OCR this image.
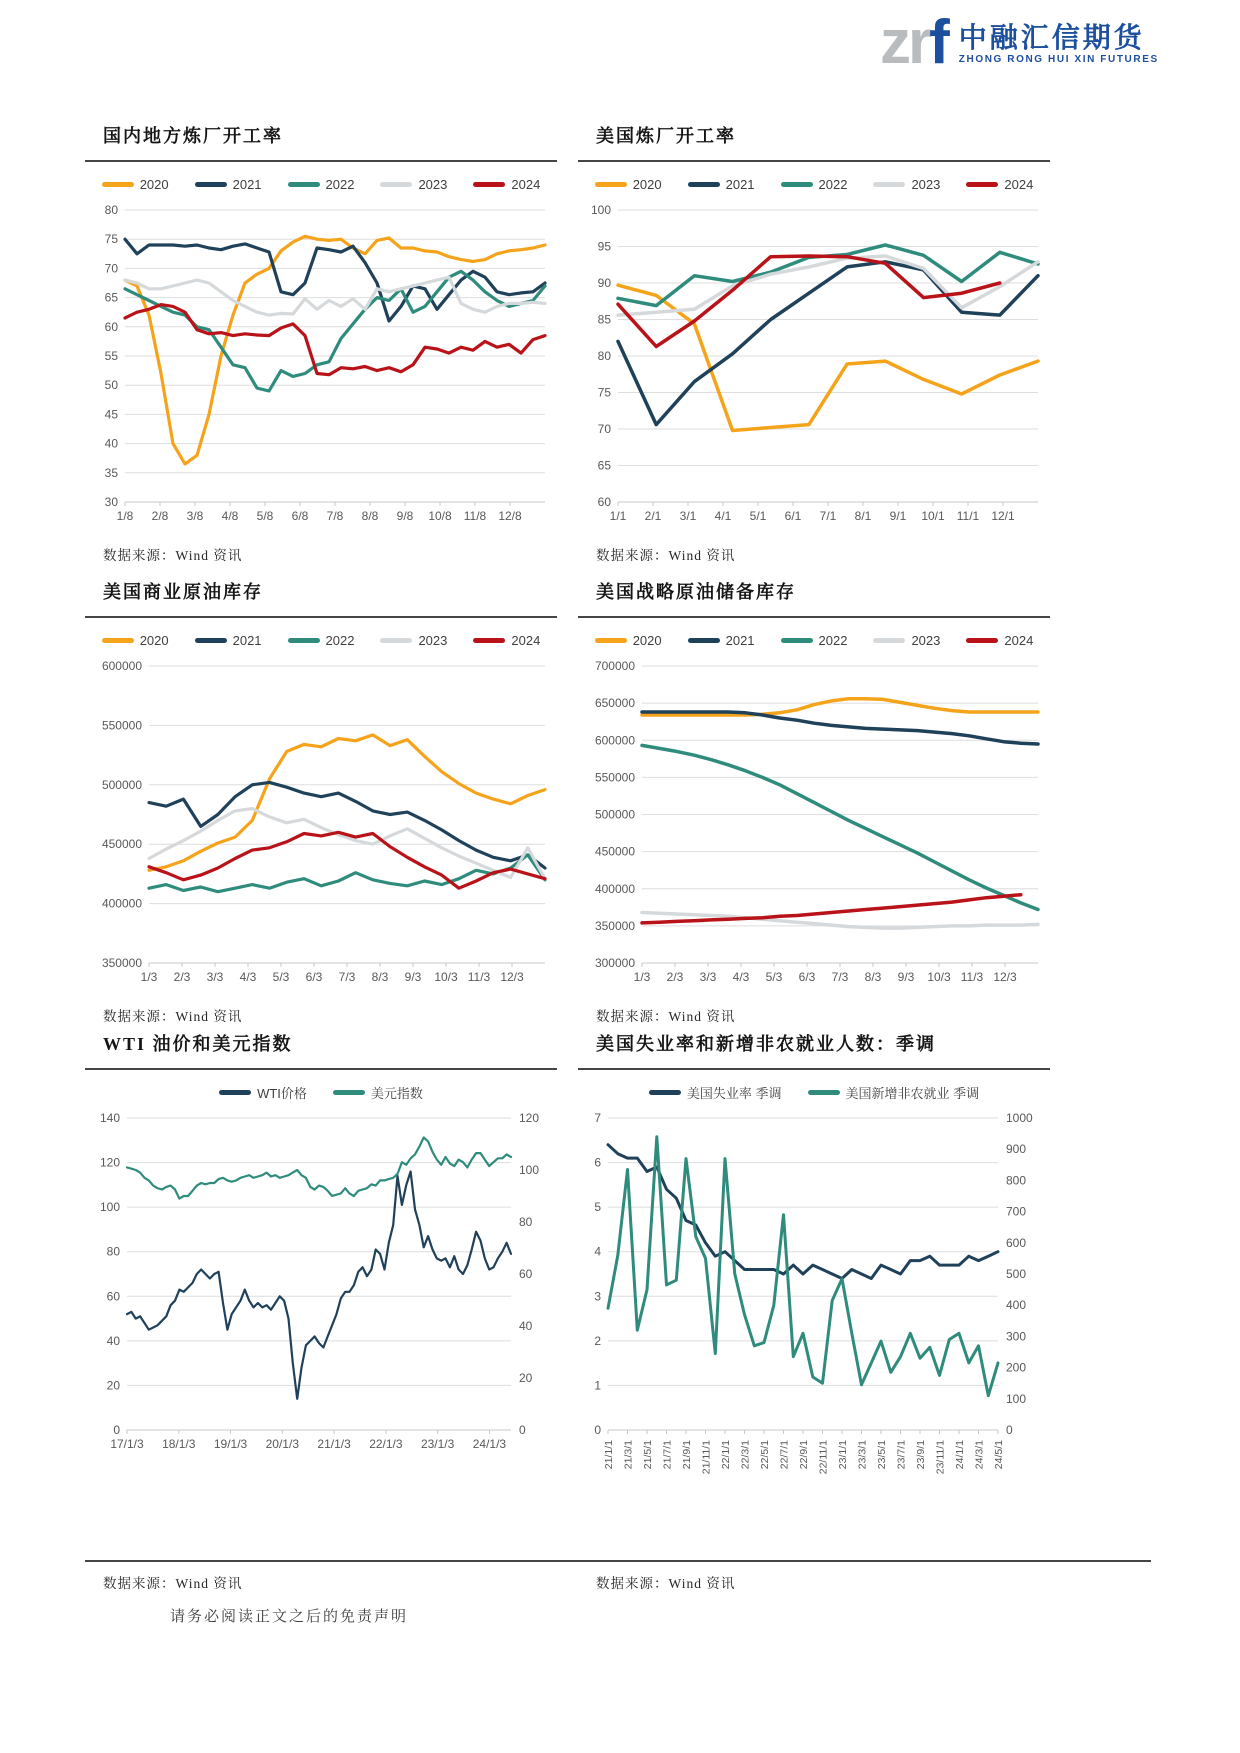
zrf 中融汇信期货
ZHONG RONG HUI XIN FUTURES
国内地方炼厂开工率
2020	2021	2022	2023	2024
30
35
40
45
50
55
60
65
70
75
80
1/8 2/8 3/8 4/8 5/8 6/8 7/8 8/8 9/8 10/8 11/8 12/8

数据来源：Wind 资讯

美国炼厂开工率
2020	2021	2022	2023	2024
60
65
70
75
80
85
90
95
100
1/1 2/1 3/1 4/1 5/1 6/1 7/1 8/1 9/1 10/1 11/1 12/1

数据来源：Wind 资讯

美国商业原油库存
2020	2021	2022	2023	2024
350000
400000
450000
500000
550000
600000
1/3 2/3 3/3 4/3 5/3 6/3 7/3 8/3 9/3 10/3 11/3 12/3

数据来源：Wind 资讯

美国战略原油储备库存
2020	2021	2022	2023	2024
300000
350000
400000
450000
500000
550000
600000
650000
700000
1/3 2/3 3/3 4/3 5/3 6/3 7/3 8/3 9/3 10/3 11/3 12/3

数据来源：Wind 资讯

WTI 油价和美元指数
WTI价格	美元指数
0
20
40
60
80
100
120
140
0
20
40
60
80
100
120
17/1/3 18/1/3 19/1/3 20/1/3 21/1/3 22/1/3 23/1/3 24/1/3
美国失业率和新增非农就业人数：季调
美国失业率 季调	美国新增非农就业 季调
0
1
2
3
4
5
6
7
0
100
200
300
400
500
600
700
800
900
1000
21/1/1 21/3/1 21/5/1 21/7/1 21/9/1 21/11/1 22/1/1 22/3/1 22/5/1 22/7/1 22/9/1 22/11/1 23/1/1 23/3/1 23/5/1 23/7/1 23/9/1 23/11/1 24/1/1 24/3/1 24/5/1

数据来源：Wind 资讯	数据来源：Wind 资讯

请务必阅读正文之后的免责声明
